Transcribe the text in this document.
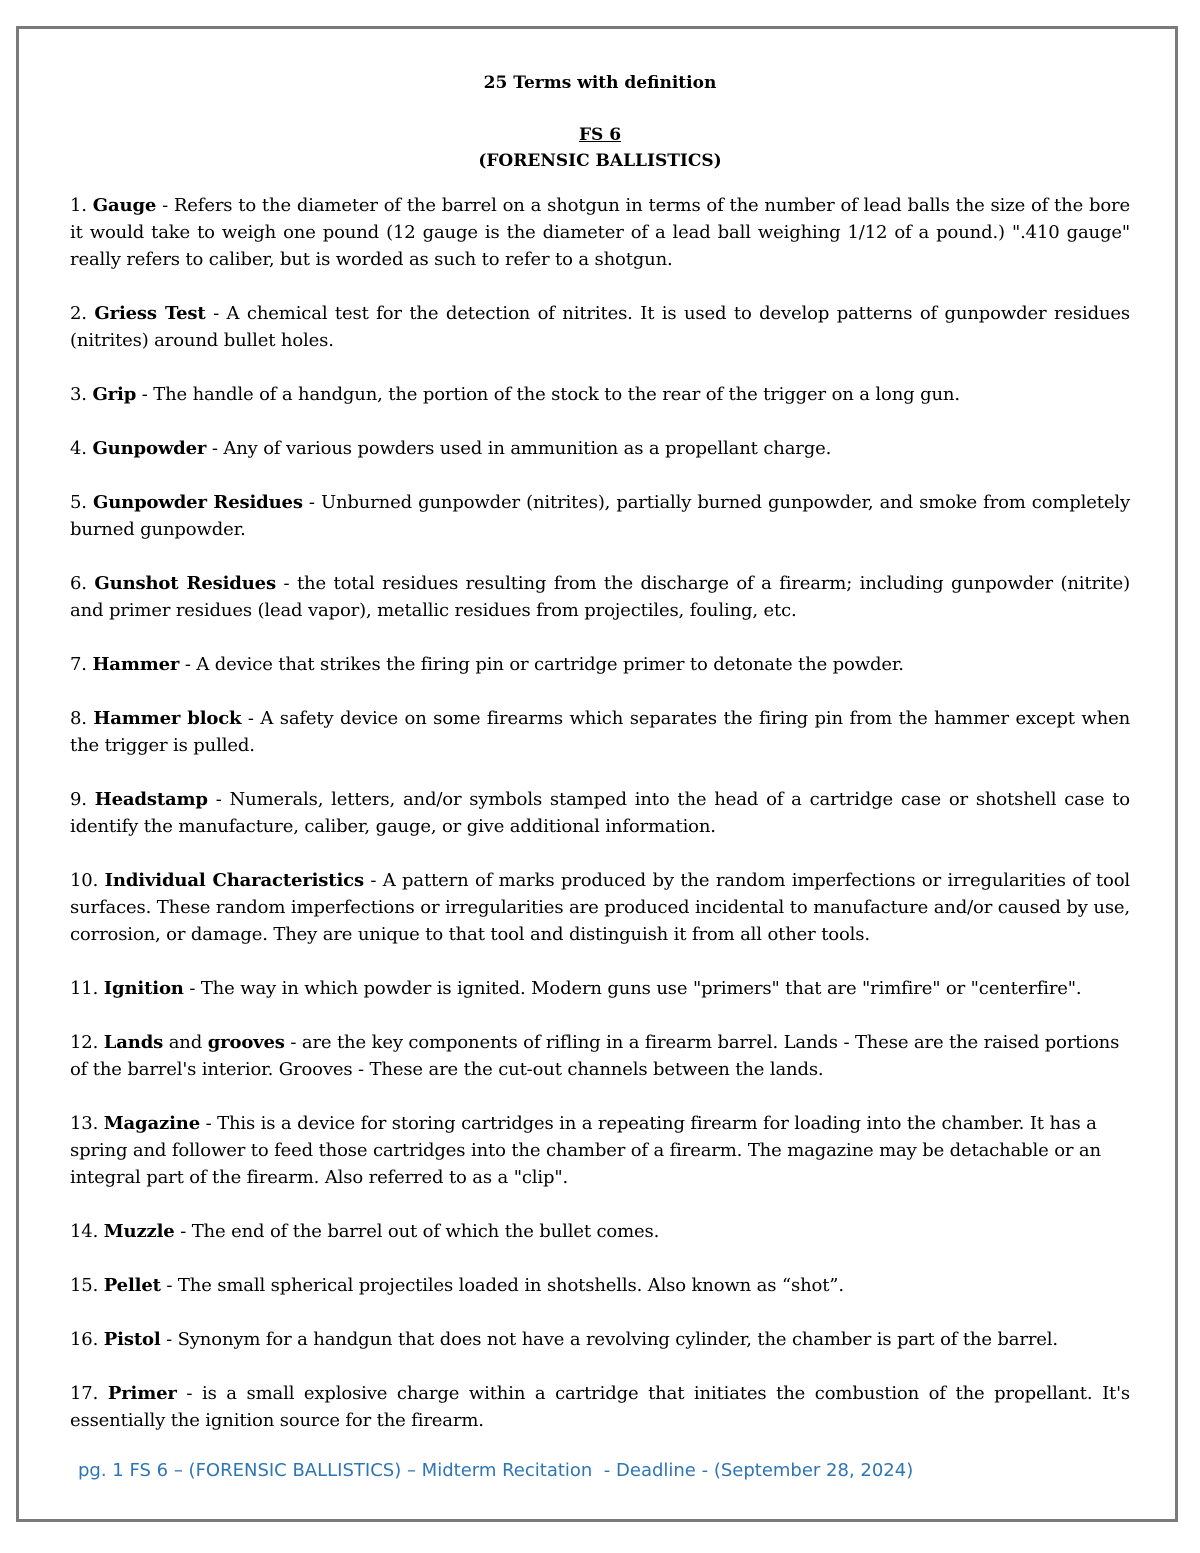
25 Terms with definition

FS 6

(FORENSIC BALLISTICS)

1. Gauge - Refers to the diameter of the barrel on a shotgun in terms of the number of lead balls the size of the bore it would take to weigh one pound (12 gauge is the diameter of a lead ball weighing 1/12 of a pound.) ".410 gauge" really refers to caliber, but is worded as such to refer to a shotgun.

2. Griess Test - A chemical test for the detection of nitrites. It is used to develop patterns of gunpowder residues (nitrites) around bullet holes.

3. Grip - The handle of a handgun, the portion of the stock to the rear of the trigger on a long gun.

4. Gunpowder - Any of various powders used in ammunition as a propellant charge.

5. Gunpowder Residues - Unburned gunpowder (nitrites), partially burned gunpowder, and smoke from completely burned gunpowder.

6. Gunshot Residues - the total residues resulting from the discharge of a firearm; including gunpowder (nitrite) and primer residues (lead vapor), metallic residues from projectiles, fouling, etc.

7. Hammer - A device that strikes the firing pin or cartridge primer to detonate the powder.

8. Hammer block - A safety device on some firearms which separates the firing pin from the hammer except when the trigger is pulled.

9. Headstamp - Numerals, letters, and/or symbols stamped into the head of a cartridge case or shotshell case to identify the manufacture, caliber, gauge, or give additional information.

10. Individual Characteristics - A pattern of marks produced by the random imperfections or irregularities of tool surfaces. These random imperfections or irregularities are produced incidental to manufacture and/or caused by use, corrosion, or damage. They are unique to that tool and distinguish it from all other tools.

11. Ignition - The way in which powder is ignited. Modern guns use "primers" that are "rimfire" or "centerfire".

12. Lands and grooves - are the key components of rifling in a firearm barrel. Lands - These are the raised portions of the barrel's interior. Grooves - These are the cut-out channels between the lands.

13. Magazine - This is a device for storing cartridges in a repeating firearm for loading into the chamber. It has a spring and follower to feed those cartridges into the chamber of a firearm. The magazine may be detachable or an integral part of the firearm. Also referred to as a "clip".

14. Muzzle - The end of the barrel out of which the bullet comes.

15. Pellet - The small spherical projectiles loaded in shotshells. Also known as “shot”.

16. Pistol - Synonym for a handgun that does not have a revolving cylinder, the chamber is part of the barrel.

17. Primer - is a small explosive charge within a cartridge that initiates the combustion of the propellant. It's essentially the ignition source for the firearm.

pg. 1 FS 6 – (FORENSIC BALLISTICS) – Midterm Recitation  - Deadline - (September 28, 2024)
